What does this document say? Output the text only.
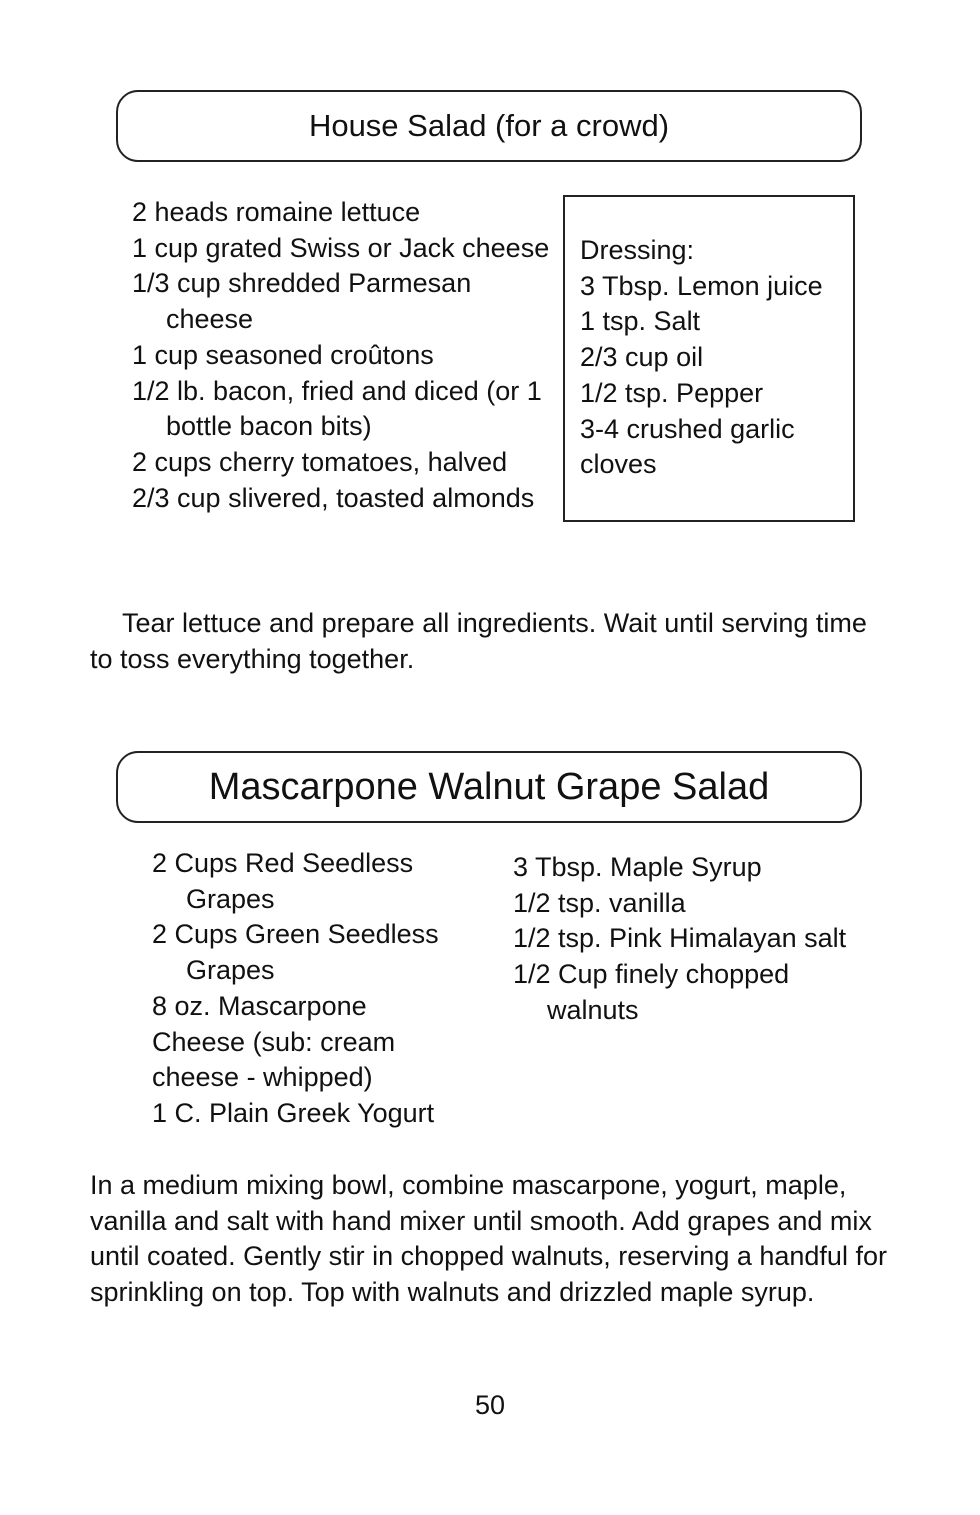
House Salad (for a crowd)
2 heads romaine lettuce
1 cup grated Swiss or Jack cheese
1/3 cup shredded Parmesan cheese
1 cup seasoned croûtons
1/2 lb. bacon, fried and diced (or 1 bottle bacon bits)
2 cups cherry tomatoes, halved
2/3 cup slivered, toasted almonds
Dressing:
3 Tbsp. Lemon juice
1 tsp. Salt
2/3 cup oil
1/2 tsp. Pepper
3-4 crushed garlic
cloves

Tear lettuce and prepare all ingredients. Wait until serving time to toss everything together.

Mascarpone Walnut Grape Salad
2 Cups Red Seedless Grapes
2 Cups Green Seedless Grapes
8 oz. Mascarpone
Cheese (sub: cream
cheese - whipped)
1 C. Plain Greek Yogurt
3 Tbsp. Maple Syrup
1/2 tsp. vanilla
1/2 tsp. Pink Himalayan salt
1/2 Cup finely chopped walnuts

In a medium mixing bowl, combine mascarpone, yogurt, maple, vanilla and salt with hand mixer until smooth. Add grapes and mix until coated. Gently stir in chopped walnuts, reserving a handful for sprinkling on top. Top with walnuts and drizzled maple syrup.

50
